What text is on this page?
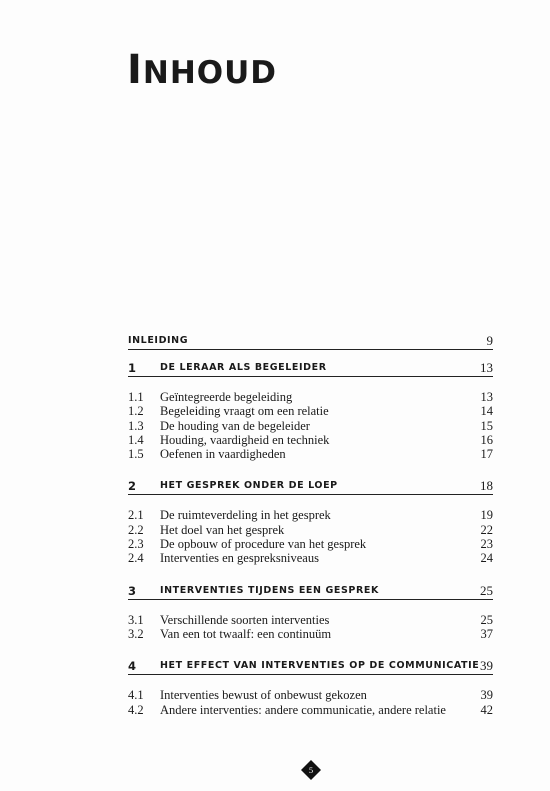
INHOUD
INLEIDING	9
1	DE LERAAR ALS BEGELEIDER	13
1.1 Geïntegreerde begeleiding	13
1.2 Begeleiding vraagt om een relatie	14
1.3 De houding van de begeleider	15
1.4 Houding, vaardigheid en techniek	16
1.5 Oefenen in vaardigheden	17
2	HET GESPREK ONDER DE LOEP	18
2.1 De ruimteverdeling in het gesprek	19
2.2 Het doel van het gesprek	22
2.3 De opbouw of procedure van het gesprek	23
2.4 Interventies en gespreksniveaus	24
3	INTERVENTIES TIJDENS EEN GESPREK	25
3.1 Verschillende soorten interventies	25
3.2 Van een tot twaalf: een continuüm	37
4	HET EFFECT VAN INTERVENTIES OP DE COMMUNICATIE 39
4.1 Interventies bewust of onbewust gekozen	39
4.2 Andere interventies: andere communicatie, andere relatie	42
5
